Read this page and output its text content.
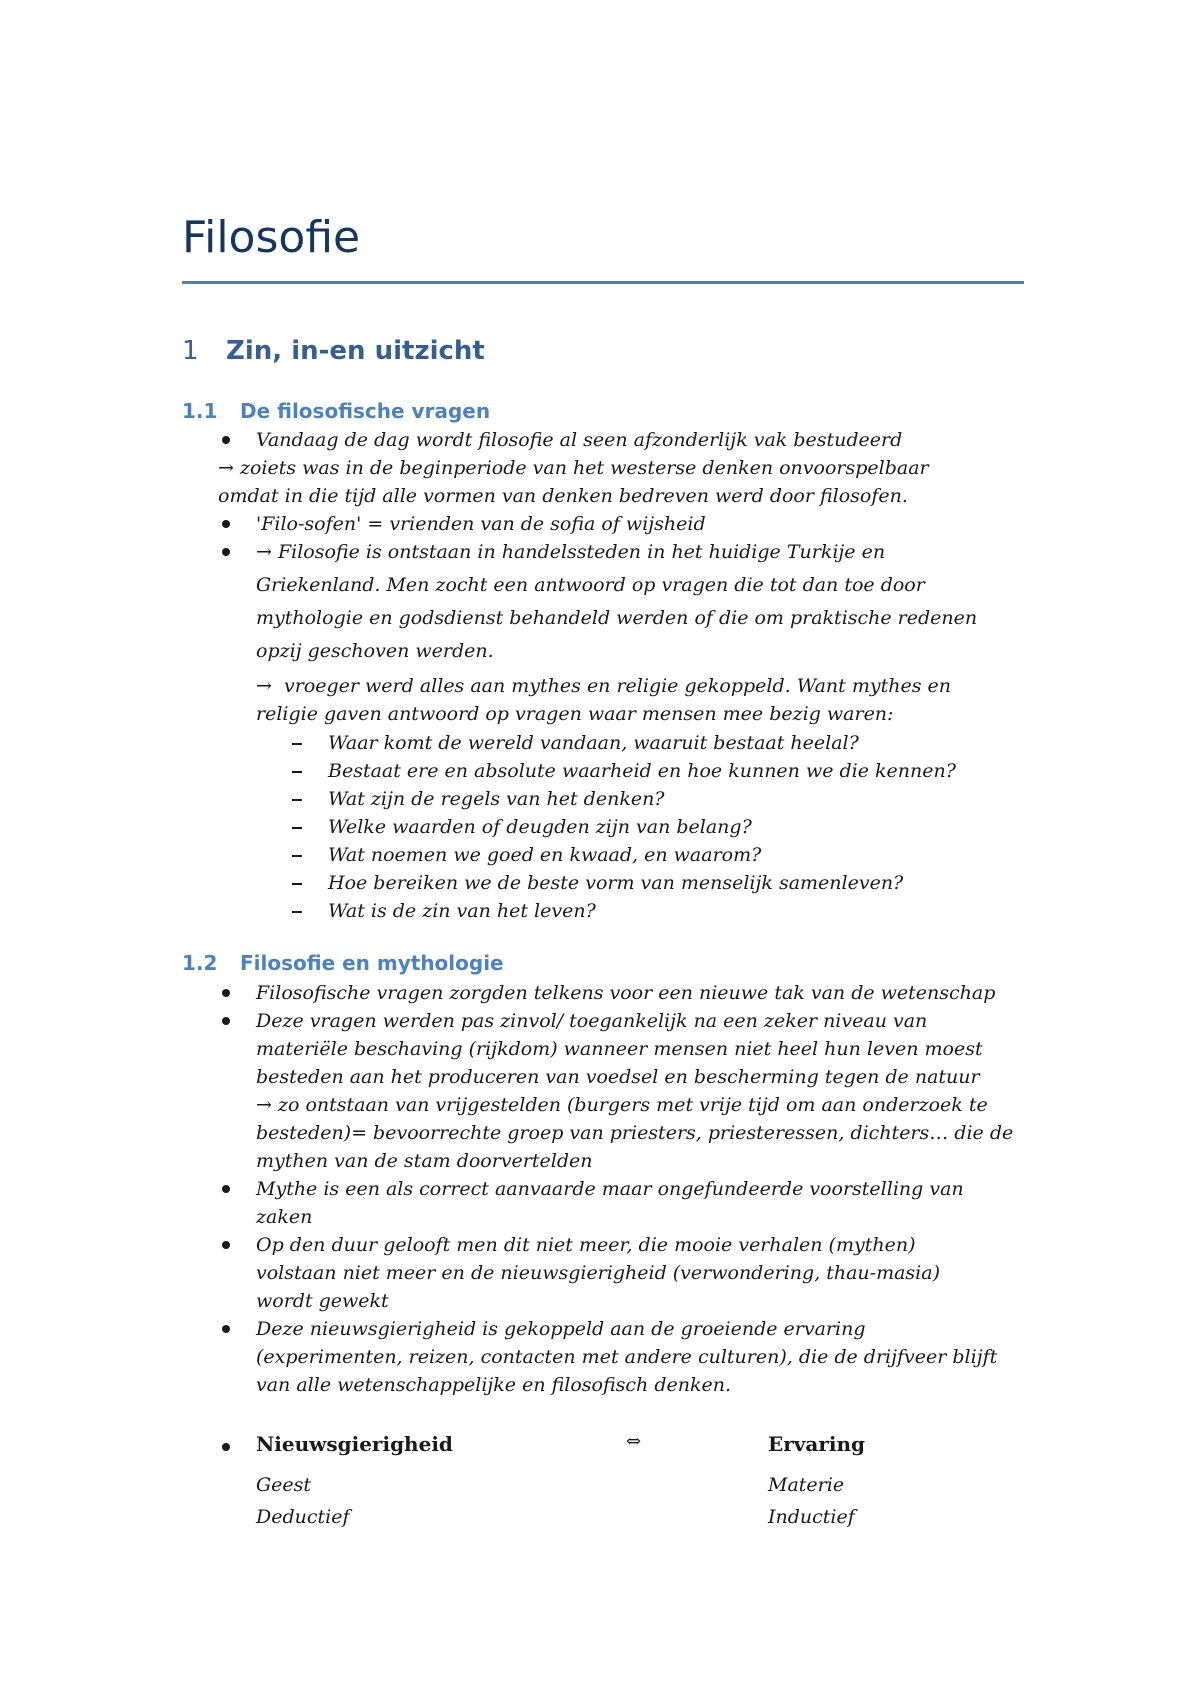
Filosofie
1 Zin, in-en uitzicht
1.1 De filosofische vragen
Vandaag de dag wordt filosofie al seen afzonderlijk vak bestudeerd
→ zoiets was in de beginperiode van het westerse denken onvoorspelbaar
omdat in die tijd alle vormen van denken bedreven werd door filosofen.
'Filo-sofen' = vrienden van de sofia of wijsheid
→ Filosofie is ontstaan in handelssteden in het huidige Turkije en
Griekenland. Men zocht een antwoord op vragen die tot dan toe door
mythologie en godsdienst behandeld werden of die om praktische redenen
opzij geschoven werden.
→ vroeger werd alles aan mythes en religie gekoppeld. Want mythes en
religie gaven antwoord op vragen waar mensen mee bezig waren:
Waar komt de wereld vandaan, waaruit bestaat heelal?
Bestaat ere en absolute waarheid en hoe kunnen we die kennen?
Wat zijn de regels van het denken?
Welke waarden of deugden zijn van belang?
Wat noemen we goed en kwaad, en waarom?
Hoe bereiken we de beste vorm van menselijk samenleven?
Wat is de zin van het leven?
1.2 Filosofie en mythologie
Filosofische vragen zorgden telkens voor een nieuwe tak van de wetenschap
Deze vragen werden pas zinvol/ toegankelijk na een zeker niveau van
materiële beschaving (rijkdom) wanneer mensen niet heel hun leven moest
besteden aan het produceren van voedsel en bescherming tegen de natuur
→ zo ontstaan van vrijgestelden (burgers met vrije tijd om aan onderzoek te
besteden)= bevoorrechte groep van priesters, priesteressen, dichters… die de
mythen van de stam doorvertelden
Mythe is een als correct aanvaarde maar ongefundeerde voorstelling van
zaken
Op den duur gelooft men dit niet meer, die mooie verhalen (mythen)
volstaan niet meer en de nieuwsgierigheid (verwondering, thau-masia)
wordt gewekt
Deze nieuwsgierigheid is gekoppeld aan de groeiende ervaring
(experimenten, reizen, contacten met andere culturen), die de drijfveer blijft
van alle wetenschappelijke en filosofisch denken.
Nieuwsgierigheid	⇔	Ervaring
Geest	Materie
Deductief	Inductief
